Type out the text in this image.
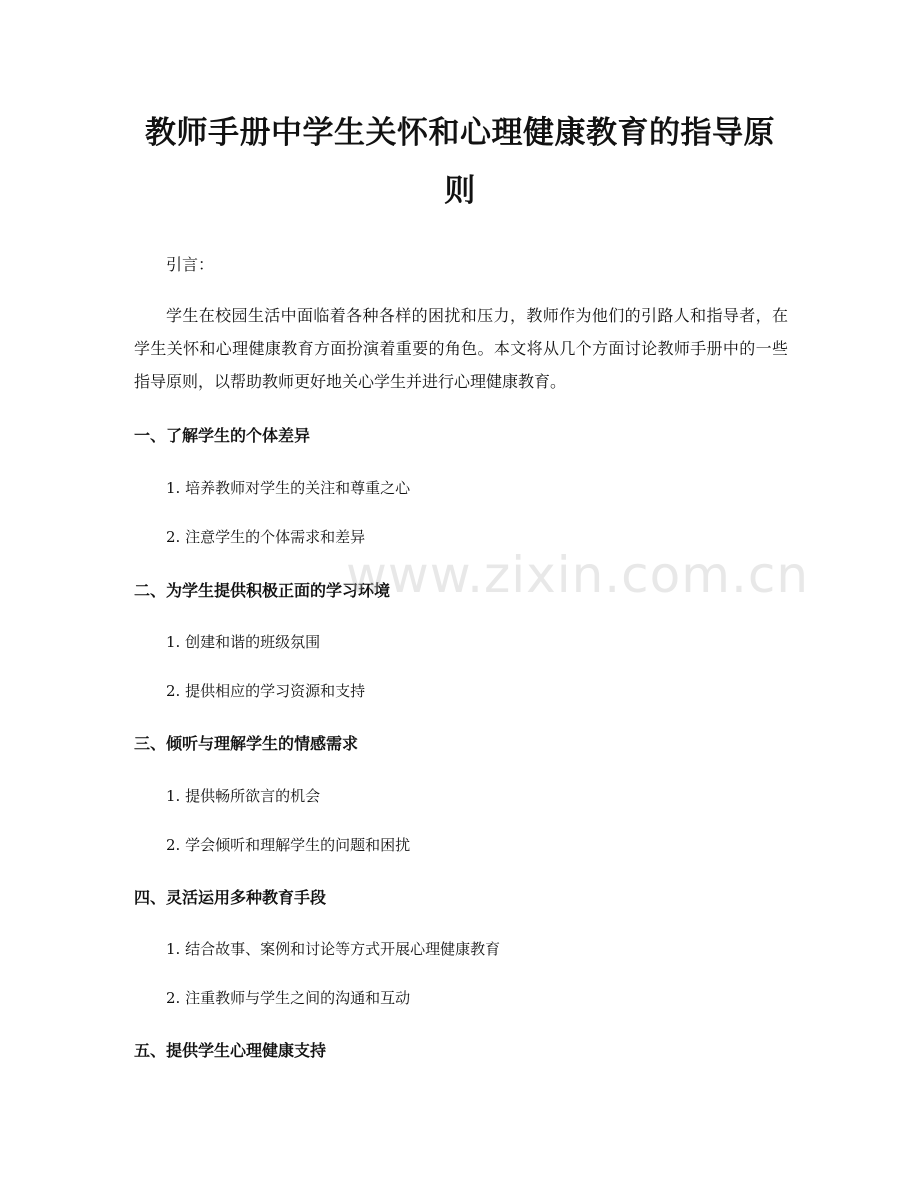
教师手册中学生关怀和心理健康教育的指导原则
引言：
学生在校园生活中面临着各种各样的困扰和压力，教师作为他们的引路人和指导者，在学生关怀和心理健康教育方面扮演着重要的角色。本文将从几个方面讨论教师手册中的一些指导原则，以帮助教师更好地关心学生并进行心理健康教育。
一、了解学生的个体差异
1. 培养教师对学生的关注和尊重之心
2. 注意学生的个体需求和差异
二、为学生提供积极正面的学习环境
1. 创建和谐的班级氛围
2. 提供相应的学习资源和支持
三、倾听与理解学生的情感需求
1. 提供畅所欲言的机会
2. 学会倾听和理解学生的问题和困扰
四、灵活运用多种教育手段
1. 结合故事、案例和讨论等方式开展心理健康教育
2. 注重教师与学生之间的沟通和互动
五、提供学生心理健康支持
www.zixin.com.cn
